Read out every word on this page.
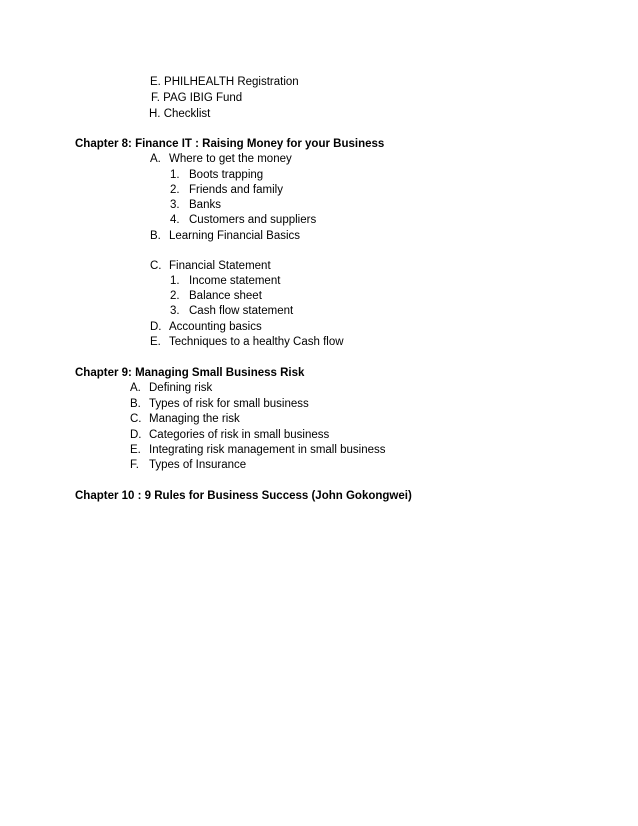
E. PHILHEALTH Registration
F. PAG IBIG Fund
H. Checklist
Chapter 8: Finance IT : Raising Money for your Business
A. Where to get the money
1. Boots trapping
2. Friends and family
3. Banks
4. Customers and suppliers
B. Learning Financial Basics
C. Financial Statement
1. Income statement
2. Balance sheet
3. Cash flow statement
D. Accounting basics
E. Techniques to a healthy Cash flow
Chapter 9: Managing Small Business Risk
A. Defining risk
B. Types of risk for small business
C. Managing the risk
D. Categories of risk in small business
E. Integrating risk management in small business
F. Types of Insurance
Chapter 10 : 9 Rules for Business Success (John Gokongwei)
